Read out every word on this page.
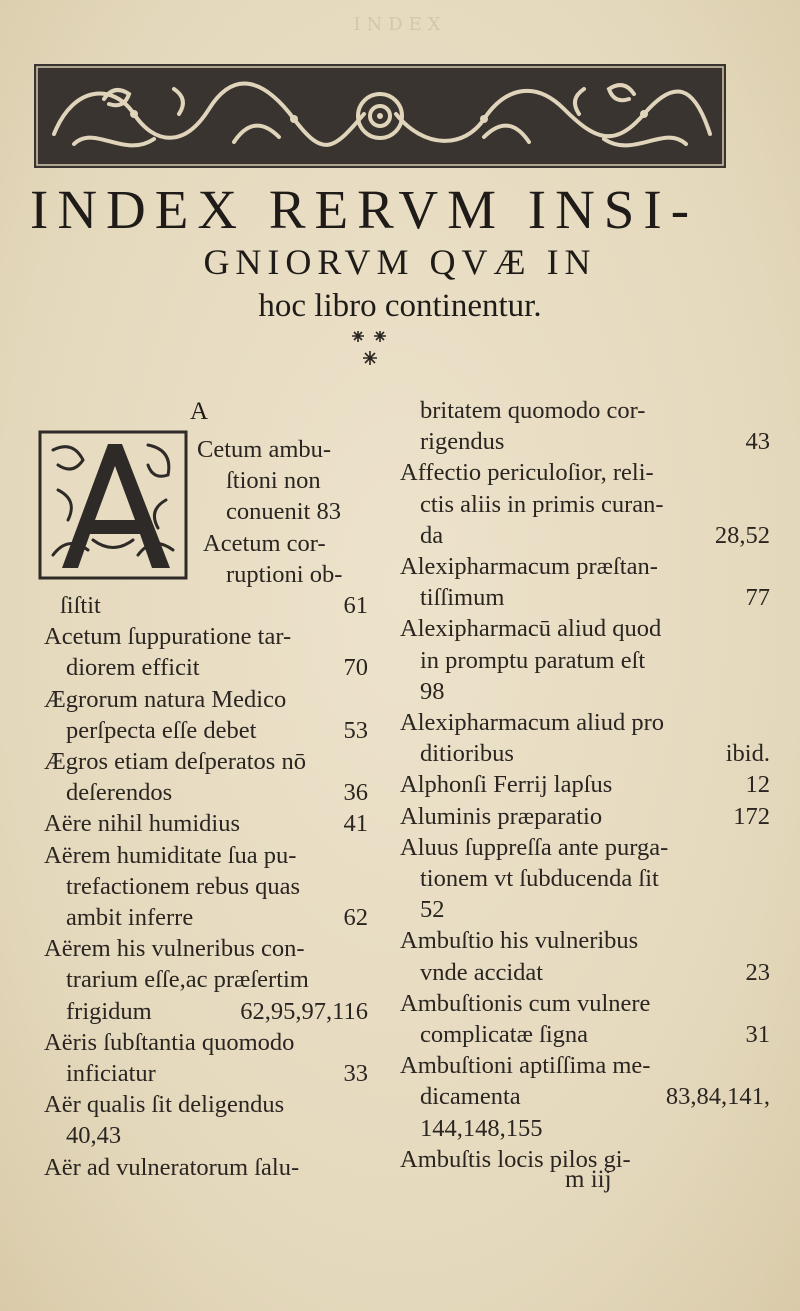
INDEX
INDEX RERVM INSI-
GNIORVM QVÆ IN
hoc libro continentur.
A
Cetum ambu-
ſtioni non
conuenit 83
Acetum cor-
ruptioni ob-
ſiſtit	61
Acetum ſuppuratione tar-
diorem efficit	70
Ægrorum natura Medico
perſpecta eſſe debet	53
Ægros etiam deſperatos nō
deſerendos	36
Aëre nihil humidius	41
Aërem humiditate ſua pu-
trefactionem rebus quas
ambit inferre	62
Aërem his vulneribus con-
trarium eſſe,ac præſertim
frigidum	62,95,97,116
Aëris ſubſtantia quomodo
inficiatur	33
Aër qualis ſit deligendus
40,43
Aër ad vulneratorum ſalu-
britatem quomodo cor-
rigendus	43
Affectio periculoſior, reli-
ctis aliis in primis curan-
da	28,52
Alexipharmacum præſtan-
tiſſimum	77
Alexipharmacū aliud quod
in promptu paratum eſt
98
Alexipharmacum aliud pro
ditioribus	ibid.
Alphonſi Ferrij lapſus	12
Aluminis præparatio	172
Aluus ſuppreſſa ante purga-
tionem vt ſubducenda ſit
52
Ambuſtio his vulneribus
vnde accidat	23
Ambuſtionis cum vulnere
complicatæ ſigna	31
Ambuſtioni aptiſſima me-
dicamenta	83,84,141,
144,148,155
Ambuſtis locis pilos gi-
m iij
